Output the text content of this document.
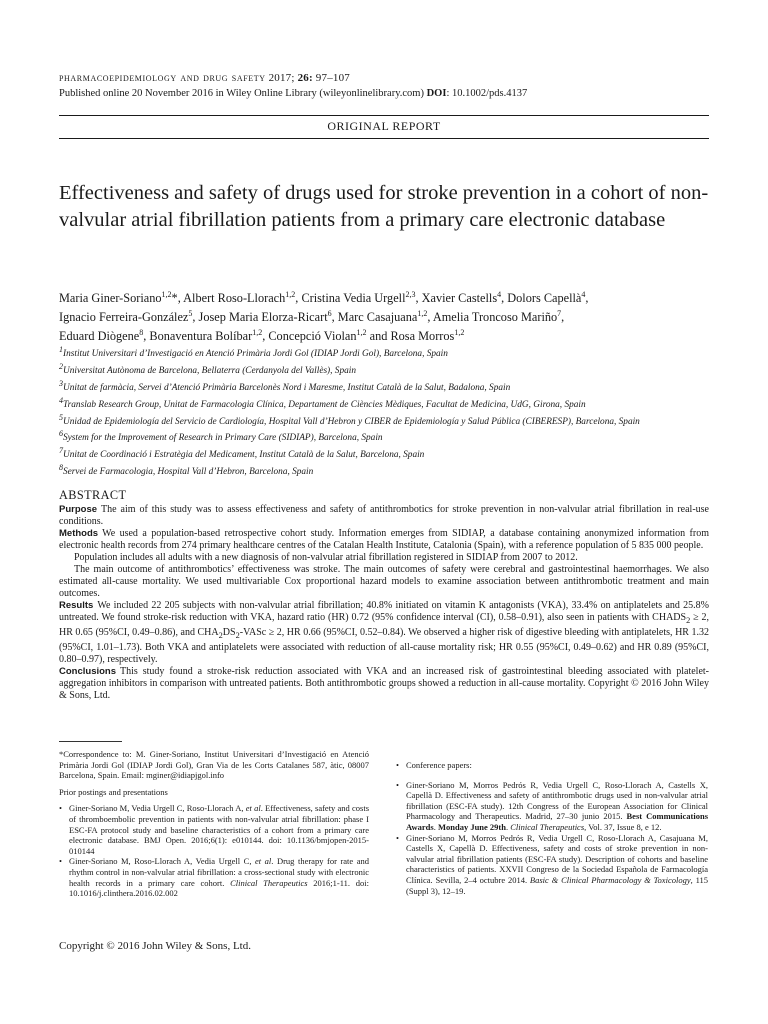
pharmacoepidemiology and drug safety 2017; 26: 97–107
Published online 20 November 2016 in Wiley Online Library (wileyonlinelibrary.com) DOI: 10.1002/pds.4137
ORIGINAL REPORT
Effectiveness and safety of drugs used for stroke prevention in a cohort of non-valvular atrial fibrillation patients from a primary care electronic database
Maria Giner-Soriano$^{1,2}$*, Albert Roso-Llorach$^{1,2}$, Cristina Vedia Urgell$^{2,3}$, Xavier Castells$^4$, Dolors Capellà$^4$,
Ignacio Ferreira-González$^5$, Josep Maria Elorza-Ricart$^6$, Marc Casajuana$^{1,2}$, Amelia Troncoso Mariño$^7$,
Eduard Diògene$^8$, Bonaventura Bolíbar$^{1,2}$, Concepció Violan$^{1,2}$ and Rosa Morros$^{1,2}$

$^1$Institut Universitari d’Investigació en Atenció Primària Jordi Gol (IDIAP Jordi Gol), Barcelona, Spain

$^2$Universitat Autònoma de Barcelona, Bellaterra (Cerdanyola del Vallès), Spain

$^3$Unitat de farmàcia, Servei d’Atenció Primària Barcelonès Nord i Maresme, Institut Català de la Salut, Badalona, Spain

$^4$Translab Research Group, Unitat de Farmacologia Clínica, Departament de Ciències Mèdiques, Facultat de Medicina, UdG, Girona, Spain

$^5$Unidad de Epidemiología del Servicio de Cardiología, Hospital Vall d’Hebron y CIBER de Epidemiología y Salud Pública (CIBERESP), Barcelona, Spain

$^6$System for the Improvement of Research in Primary Care (SIDIAP), Barcelona, Spain

$^7$Unitat de Coordinació i Estratègia del Medicament, Institut Català de la Salut, Barcelona, Spain

$^8$Servei de Farmacologia, Hospital Vall d’Hebron, Barcelona, Spain

ABSTRACT

Purpose The aim of this study was to assess effectiveness and safety of antithrombotics for stroke prevention in non-valvular atrial fibrillation in real-use conditions.

Methods We used a population-based retrospective cohort study. Information emerges from SIDIAP, a database containing anonymized information from electronic health records from 274 primary healthcare centres of the Catalan Health Institute, Catalonia (Spain), with a reference population of 5 835 000 people.

Population includes all adults with a new diagnosis of non-valvular atrial fibrillation registered in SIDIAP from 2007 to 2012.

The main outcome of antithrombotics’ effectiveness was stroke. The main outcomes of safety were cerebral and gastrointestinal haemorrhages. We also estimated all-cause mortality. We used multivariable Cox proportional hazard models to examine association between antithrombotic treatment and main outcomes.

Results We included 22 205 subjects with non-valvular atrial fibrillation; 40.8% initiated on vitamin K antagonists (VKA), 33.4% on antiplatelets and 25.8% untreated. We found stroke-risk reduction with VKA, hazard ratio (HR) 0.72 (95% confidence interval (CI), 0.58–0.91), also seen in patients with $CHADS_2 \ge 2$, HR 0.65 (95%CI, 0.49–0.86), and $CHA_2DS_2$-VASc ≥ 2, HR 0.66 (95%CI, 0.52–0.84). We observed a higher risk of digestive bleeding with antiplatelets, HR 1.32 (95%CI, 1.01–1.73). Both VKA and antiplatelets were associated with reduction of all-cause mortality risk; HR 0.55 (95%CI, 0.49–0.62) and HR 0.89 (95%CI, 0.80–0.97), respectively.

Conclusions This study found a stroke-risk reduction associated with VKA and an increased risk of gastrointestinal bleeding associated with platelet-aggregation inhibitors in comparison with untreated patients. Both antithrombotic groups showed a reduction in all-cause mortality. Copyright © 2016 John Wiley & Sons, Ltd.

*Correspondence to: M. Giner-Soriano, Institut Universitari d’Investigació en Atenció Primària Jordi Gol (IDIAP Jordi Gol), Gran Via de les Corts Catalanes 587, àtic, 08007 Barcelona, Spain. Email: mginer@idiapjgol.info

Prior postings and presentations

• Giner-Soriano M, Vedia Urgell C, Roso-Llorach A, et al. Effectiveness, safety and costs of thromboembolic prevention in patients with non-valvular atrial fibrillation: phase I ESC-FA protocol study and baseline characteristics of a cohort from a primary care electronic database. BMJ Open. 2016;6(1): e010144. doi: 10.1136/bmjopen-2015-010144
• Giner-Soriano M, Roso-Llorach A, Vedia Urgell C, et al. Drug therapy for rate and rhythm control in non-valvular atrial fibrillation: a cross-sectional study with electronic health records in a primary care cohort. Clinical Therapeutics 2016;1-11. doi: 10.1016/j.clinthera.2016.02.002
• Conference papers:
• Giner-Soriano M, Morros Pedrós R, Vedia Urgell C, Roso-Llorach A, Castells X, Capellà D. Effectiveness and safety of antithrombotic drugs used in non-valvular atrial fibrillation (ESC-FA study). 12th Congress of the European Association for Clinical Pharmacology and Therapeutics. Madrid, 27–30 junio 2015. Best Communications Awards. Monday June 29th. Clinical Therapeutics, Vol. 37, Issue 8, e 12.
• Giner-Soriano M, Morros Pedrós R, Vedia Urgell C, Roso-Llorach A, Casajuana M, Castells X, Capellà D. Effectiveness, safety and costs of stroke prevention in non-valvular atrial fibrillation patients (ESC-FA study). Description of cohorts and baseline characteristics of patients. XXVII Congreso de la Sociedad Española de Farmacología Clínica. Sevilla, 2–4 octubre 2014. Basic & Clinical Pharmacology & Toxicology, 115 (Suppl 3), 12–19.
Copyright © 2016 John Wiley & Sons, Ltd.
